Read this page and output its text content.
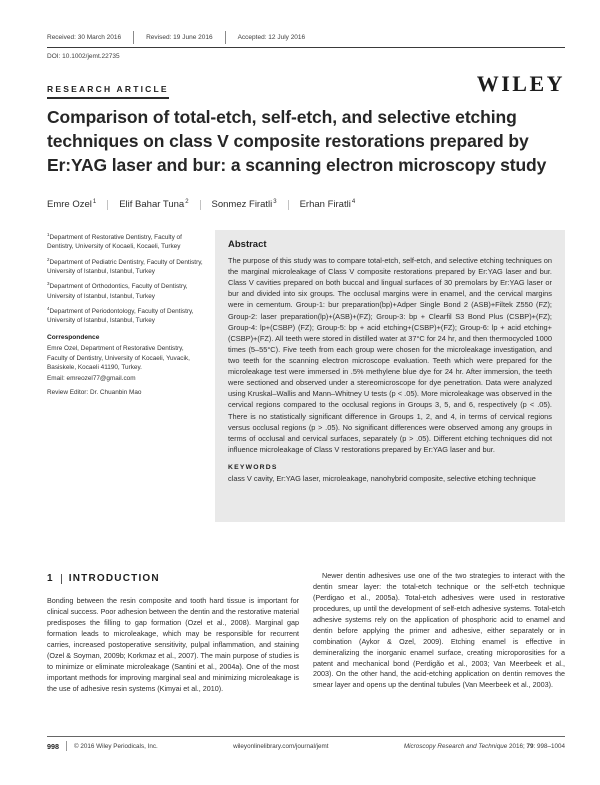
Received: 30 March 2016	Revised: 19 June 2016	Accepted: 12 July 2016
DOI: 10.1002/jemt.22735
RESEARCH ARTICLE	WILEY
Comparison of total-etch, self-etch, and selective etching techniques on class V composite restorations prepared by Er:YAG laser and bur: a scanning electron microscopy study
Emre Ozel$^1$ Elif Bahar Tuna$^2$ Sonmez Firatli$^3$ Erhan Firatli$^4$
$^1$Department of Restorative Dentistry, Faculty of Dentistry, University of Kocaeli, Kocaeli, Turkey
$^2$Department of Pediatric Dentistry, Faculty of Dentistry, University of Istanbul, Istanbul, Turkey
$^3$Department of Orthodontics, Faculty of Dentistry, University of Istanbul, Istanbul, Turkey
$^4$Department of Periodontology, Faculty of Dentistry, University of Istanbul, Istanbul, Turkey
Correspondence
Emre Ozel, Department of Restorative Dentistry, Faculty of Dentistry, University of Kocaeli, Yuvacik, Basiskele, Kocaeli 41190, Turkey.
Email: emreozel77@gmail.com
Review Editor: Dr. Chuanbin Mao
Abstract
The purpose of this study was to compare total-etch, self-etch, and selective etching techniques on the marginal microleakage of Class V composite restorations prepared by Er:YAG laser and bur. Class V cavities prepared on both buccal and lingual surfaces of 30 premolars by Er:YAG laser or bur and divided into six groups. The occlusal margins were in enamel, and the cervical margins were in cementum. Group-1: bur preparation(bp)+Adper Single Bond 2 (ASB)+Filtek Z550 (FZ); Group-2: laser preparation(lp)+(ASB)+(FZ); Group-3: bp + Clearfil S3 Bond Plus (CSBP)+(FZ); Group-4: lp+(CSBP) (FZ); Group-5: bp + acid etching+(CSBP)+(FZ); Group-6: lp + acid etching+(CSBP)+(FZ). All teeth were stored in distilled water at 37°C for 24 hr, and then thermocycled 1000 times (5–55°C). Five teeth from each group were chosen for the microleakage investigation, and two teeth for the scanning electron microscope evaluation. Teeth which were prepared for the microleakage test were immersed in .5% methylene blue dye for 24 hr. After immersion, the teeth were sectioned and observed under a stereomicroscope for dye penetration. Data were analyzed using Kruskal–Wallis and Mann–Whitney U tests (p < .05). More microleakage was observed in the cervical regions compared to the occlusal regions in Groups 3, 5, and 6, respectively (p < .05). There is no statistically significant difference in Groups 1, 2, and 4, in terms of cervical regions versus occlusal regions (p > .05). No significant differences were observed among any groups in terms of occlusal and cervical surfaces, separately (p > .05). Different etching techniques did not influence microleakage of Class V restorations prepared by Er:YAG laser and bur.
KEYWORDS
class V cavity, Er:YAG laser, microleakage, nanohybrid composite, selective etching technique
1 INTRODUCTION

Bonding between the resin composite and tooth hard tissue is important for clinical success. Poor adhesion between the dentin and the restorative material predisposes the filling to gap formation (Ozel et al., 2008). Marginal gap formation leads to microleakage, which may be responsible for recurrent carries, increased postoperative sensitivity, pulpal inflammation, and staining (Ozel & Soyman, 2009b; Korkmaz et al., 2007). The main purpose of studies is to minimize or eliminate microleakage (Santini et al., 2004a). One of the most important methods for improving marginal seal and minimizing microleakage is the use of adhesive resin systems (Kimyai et al., 2010).

Newer dentin adhesives use one of the two strategies to interact with the dentin smear layer: the total-etch technique or the self-etch technique (Perdigao et al., 2005a). Total-etch adhesives were used in restorative procedures, up until the development of self-etch adhesive systems. Total-etch adhesive systems rely on the application of phosphoric acid to enamel and dentin before applying the primer and adhesive, either separately or in combination (Aykor & Ozel, 2009). Etching enamel is effective in demineralizing the inorganic enamel surface, creating microporosities for a patent and mechanical bond (Perdigão et al., 2003; Van Meerbeek et al., 2003). On the other hand, the acid-etching application on dentin removes the smear layer and opens up the dentinal tubules (Van Meerbeek et al., 2003).

998 © 2016 Wiley Periodicals, Inc.	wileyonlinelibrary.com/journal/jemt	Microscopy Research and Technique 2016; 79: 998–1004
